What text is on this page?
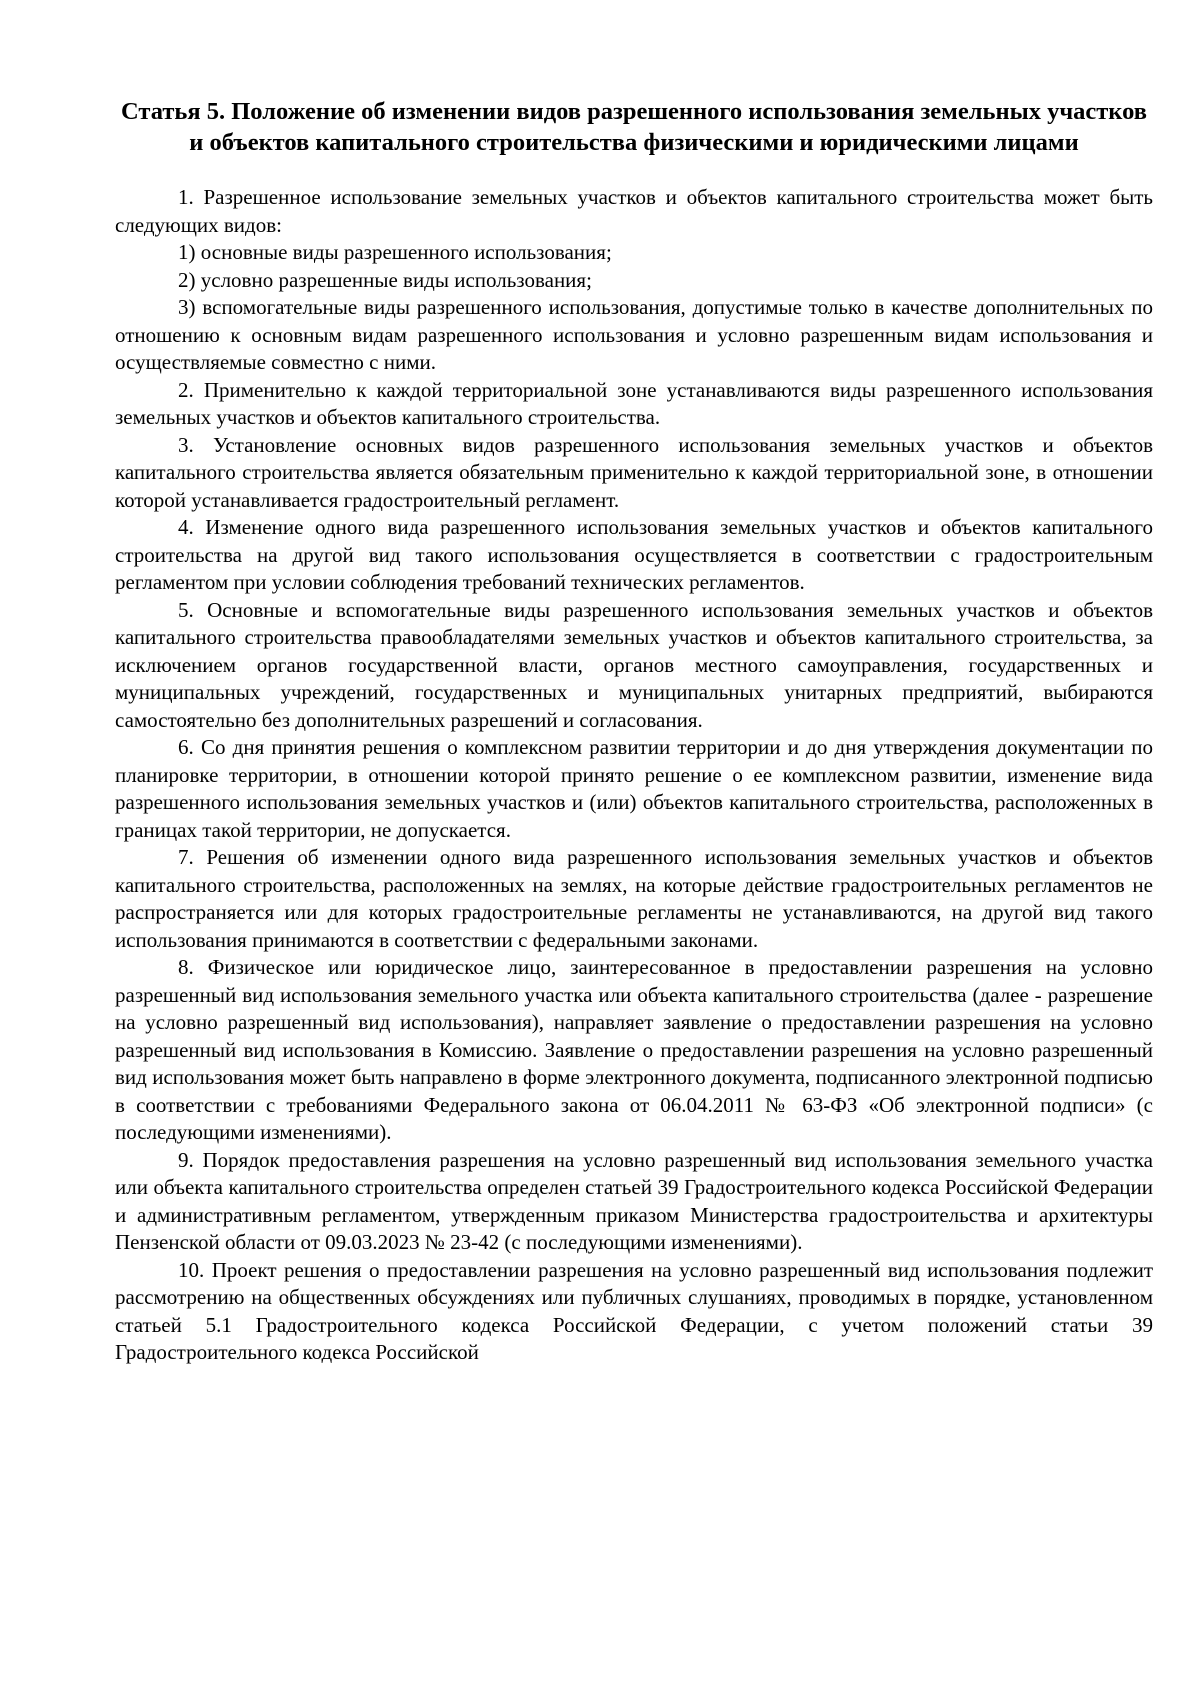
Статья 5. Положение об изменении видов разрешенного использования земельных участков и объектов капитального строительства физическими и юридическими лицами

1. Разрешенное использование земельных участков и объектов капитального строительства может быть следующих видов:

1) основные виды разрешенного использования;

2) условно разрешенные виды использования;

3) вспомогательные виды разрешенного использования, допустимые только в качестве дополнительных по отношению к основным видам разрешенного использования и условно разрешенным видам использования и осуществляемые совместно с ними.

2. Применительно к каждой территориальной зоне устанавливаются виды разрешенного использования земельных участков и объектов капитального строительства.

3. Установление основных видов разрешенного использования земельных участков и объектов капитального строительства является обязательным применительно к каждой территориальной зоне, в отношении которой устанавливается градостроительный регламент.

4. Изменение одного вида разрешенного использования земельных участков и объектов капитального строительства на другой вид такого использования осуществляется в соответствии с градостроительным регламентом при условии соблюдения требований технических регламентов.

5. Основные и вспомогательные виды разрешенного использования земельных участков и объектов капитального строительства правообладателями земельных участков и объектов капитального строительства, за исключением органов государственной власти, органов местного самоуправления, государственных и муниципальных учреждений, государственных и муниципальных унитарных предприятий, выбираются самостоятельно без дополнительных разрешений и согласования.

6. Со дня принятия решения о комплексном развитии территории и до дня утверждения документации по планировке территории, в отношении которой принято решение о ее комплексном развитии, изменение вида разрешенного использования земельных участков и (или) объектов капитального строительства, расположенных в границах такой территории, не допускается.

7. Решения об изменении одного вида разрешенного использования земельных участков и объектов капитального строительства, расположенных на землях, на которые действие градостроительных регламентов не распространяется или для которых градостроительные регламенты не устанавливаются, на другой вид такого использования принимаются в соответствии с федеральными законами.

8. Физическое или юридическое лицо, заинтересованное в предоставлении разрешения на условно разрешенный вид использования земельного участка или объекта капитального строительства (далее - разрешение на условно разрешенный вид использования), направляет заявление о предоставлении разрешения на условно разрешенный вид использования в Комиссию. Заявление о предоставлении разрешения на условно разрешенный вид использования может быть направлено в форме электронного документа, подписанного электронной подписью в соответствии с требованиями Федерального закона от 06.04.2011 № 63-ФЗ «Об электронной подписи» (с последующими изменениями).

9. Порядок предоставления разрешения на условно разрешенный вид использования земельного участка или объекта капитального строительства определен статьей 39 Градостроительного кодекса Российской Федерации и административным регламентом, утвержденным приказом Министерства градостроительства и архитектуры Пензенской области от 09.03.2023 № 23-42 (с последующими изменениями).

10. Проект решения о предоставлении разрешения на условно разрешенный вид использования подлежит рассмотрению на общественных обсуждениях или публичных слушаниях, проводимых в порядке, установленном статьей 5.1 Градостроительного кодекса Российской Федерации, с учетом положений статьи 39 Градостроительного кодекса Российской
